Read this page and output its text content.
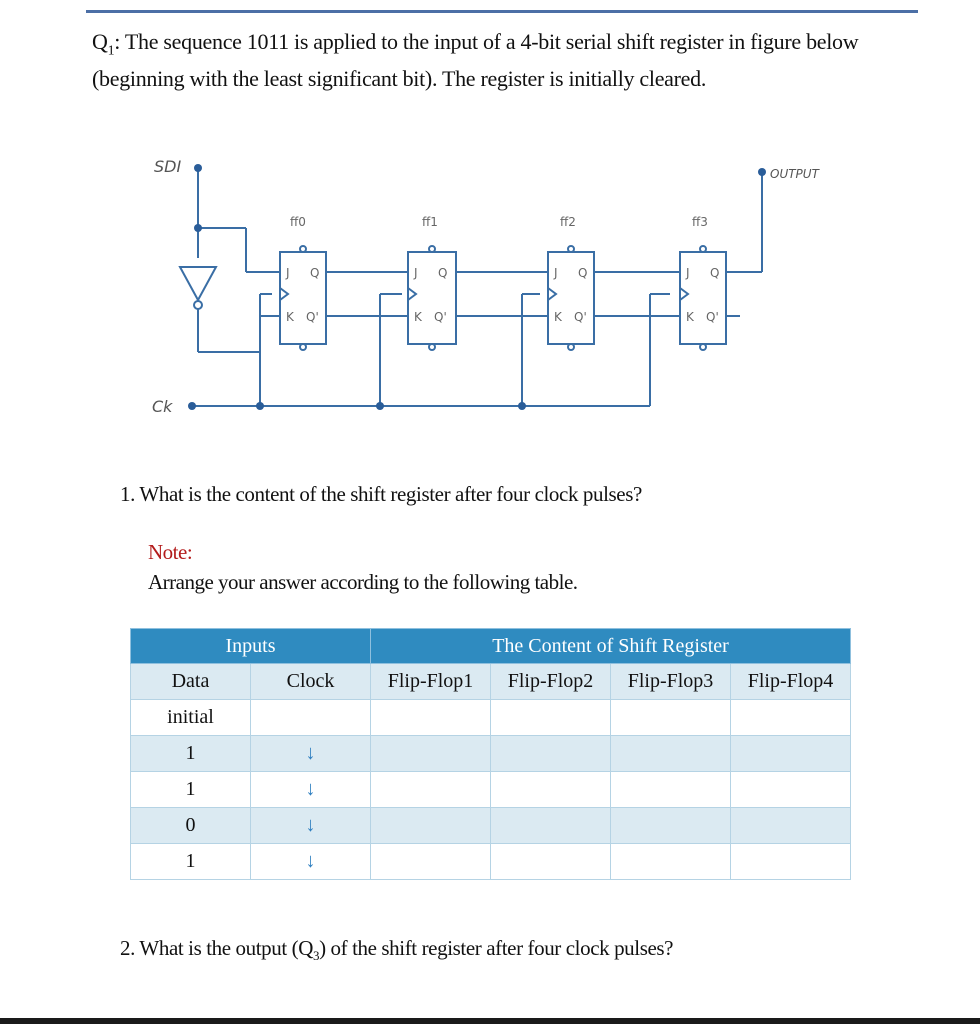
$Q_1$: The sequence 1011 is applied to the input of a 4-bit serial shift register in figure below (beginning with the least significant bit). The register is initially cleared.
SDI
Ck
OUTPUT
ff0	ff1	ff2	ff3
J Q
K Q'
J Q
K Q'
J Q
K Q'
J Q
K Q'
1. What is the content of the shift register after four clock pulses?
Note:
Arrange your answer according to the following table.
Inputs		The Content of Shift Register			
Data	Clock	Flip-Flop1	Flip-Flop2	Flip-Flop3	Flip-Flop4
initial					
1	↓				
1	↓				
0	↓				
1	↓				
2. What is the output $(Q_3)$ of the shift register after four clock pulses?
